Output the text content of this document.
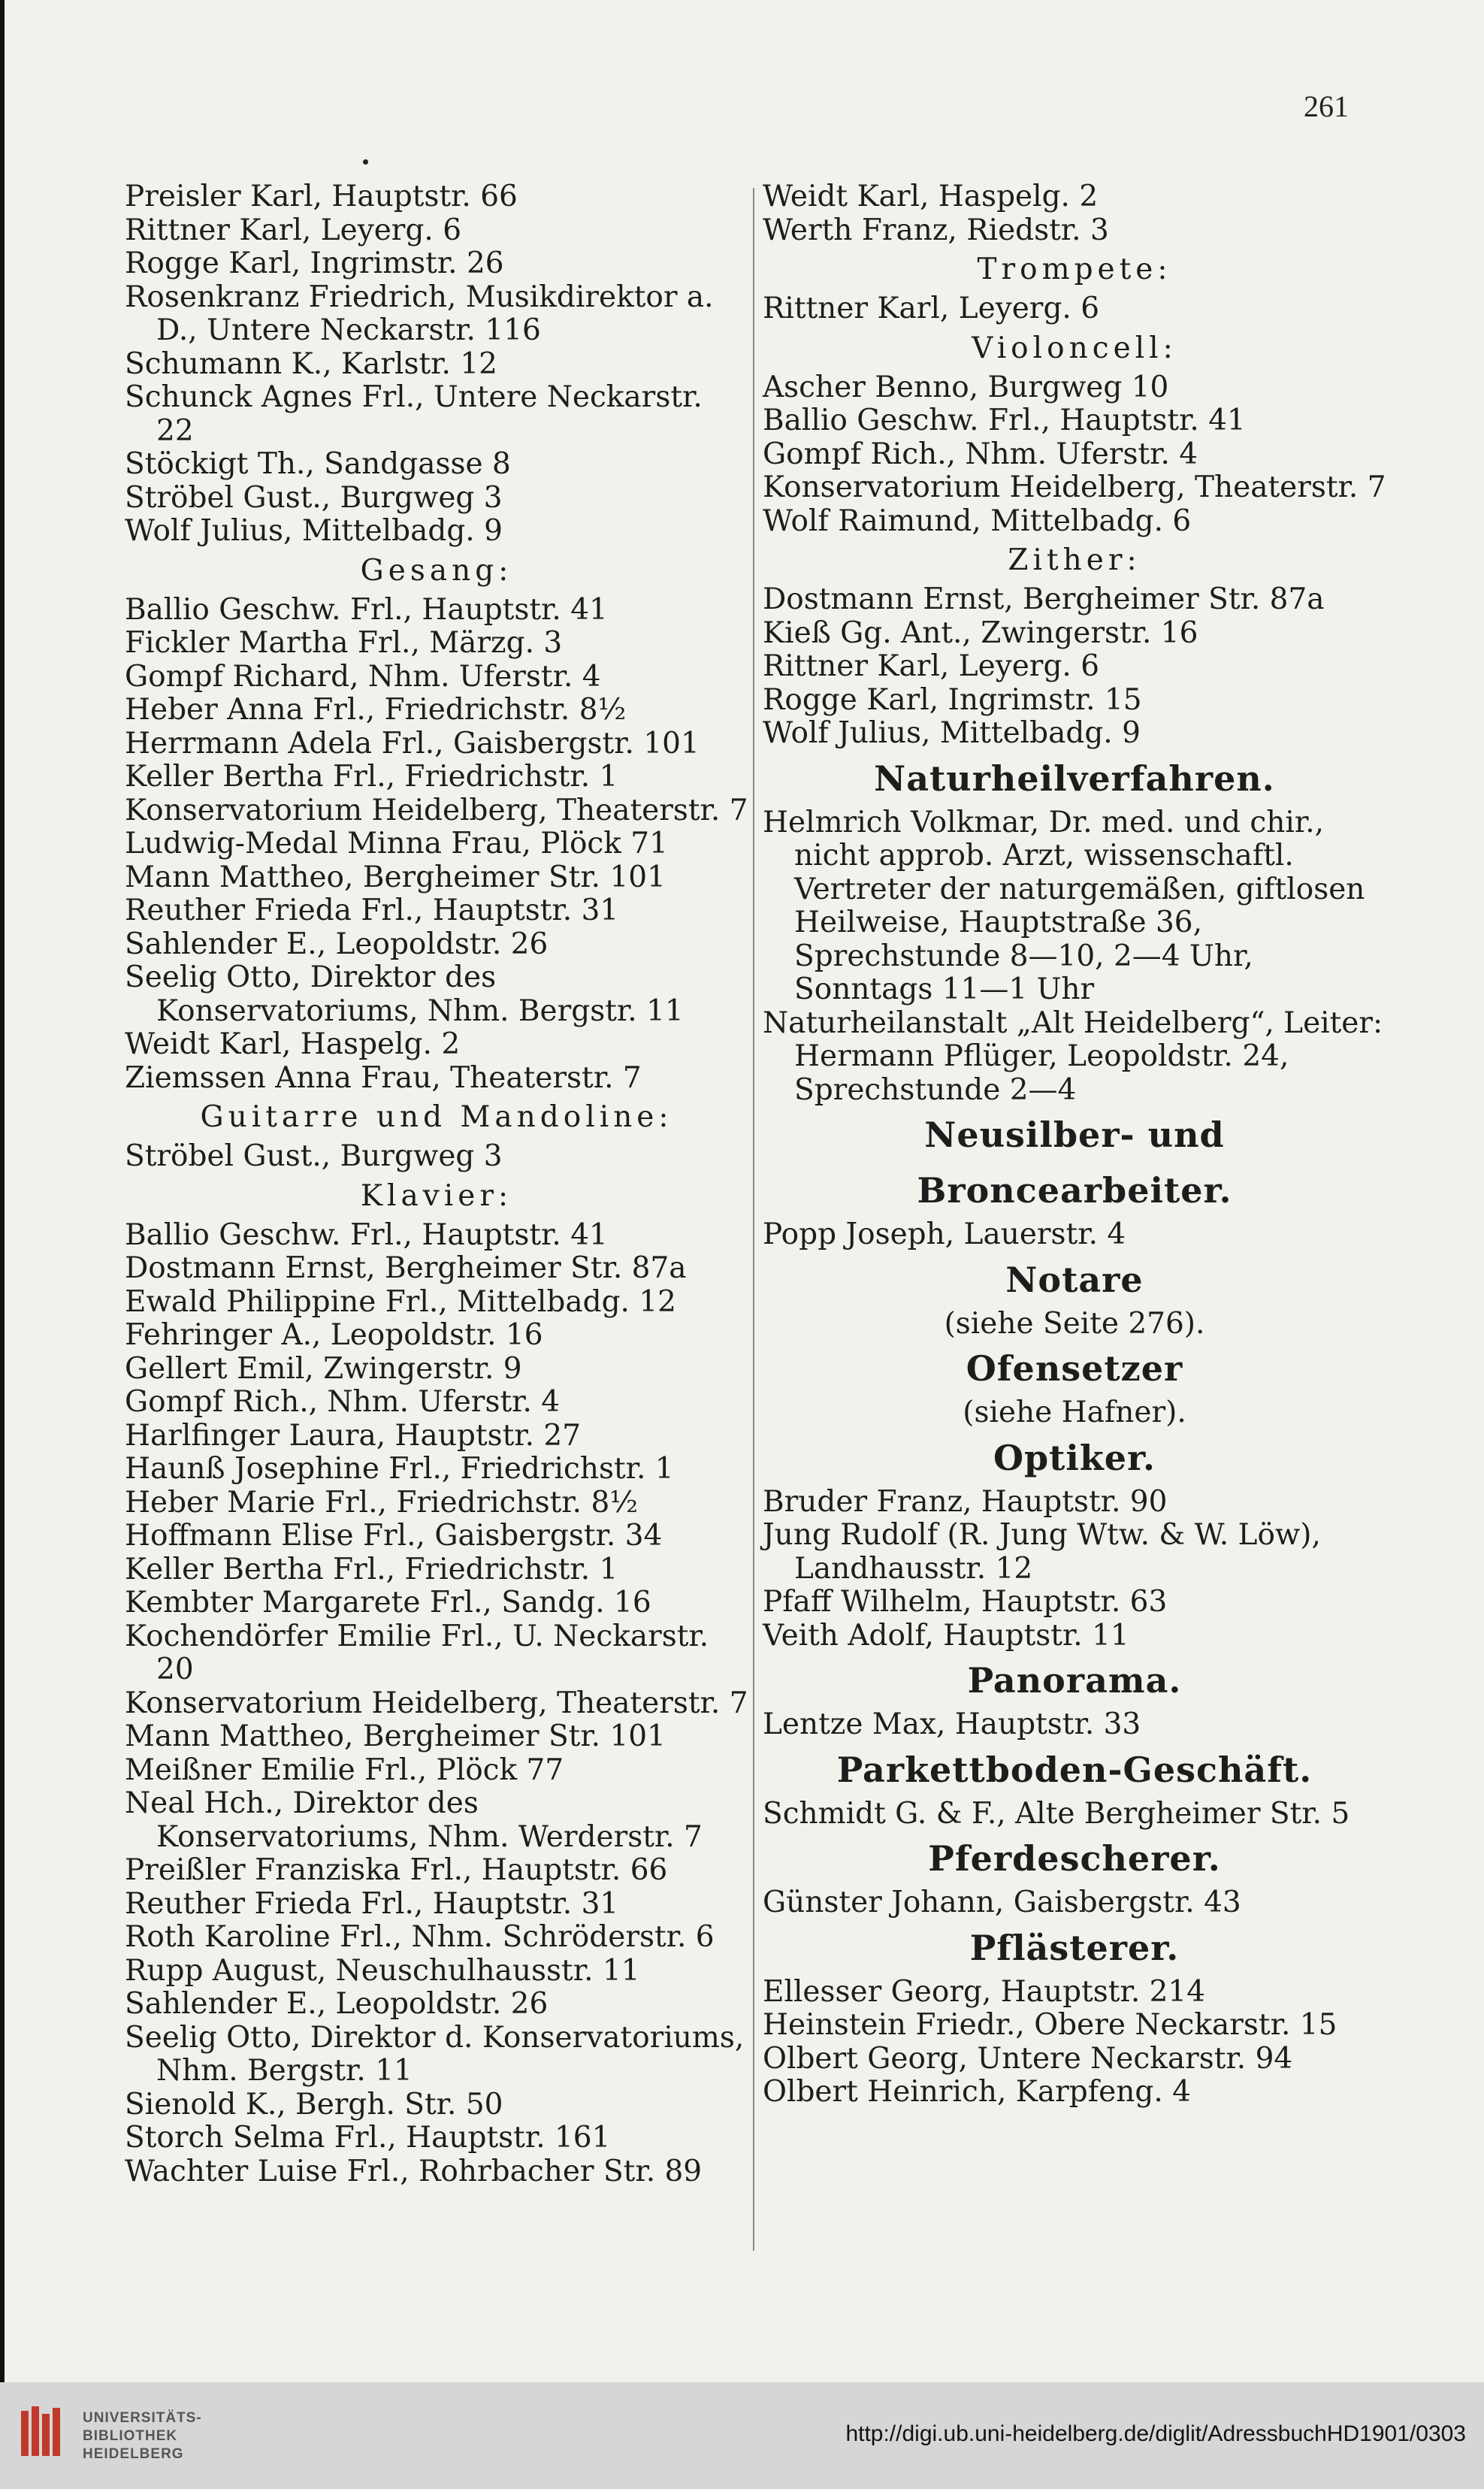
261

Preisler Karl, Hauptstr. 66

Rittner Karl, Leyerg. 6

Rogge Karl, Ingrimstr. 26

Rosenkranz Friedrich, Musikdirektor a. D., Untere Neckarstr. 116

Schumann K., Karlstr. 12

Schunck Agnes Frl., Untere Neckarstr. 22

Stöckigt Th., Sandgasse 8

Ströbel Gust., Burgweg 3

Wolf Julius, Mittelbadg. 9

Gesang:

Ballio Geschw. Frl., Hauptstr. 41

Fickler Martha Frl., Märzg. 3

Gompf Richard, Nhm. Uferstr. 4

Heber Anna Frl., Friedrichstr. 8½

Herrmann Adela Frl., Gaisbergstr. 101

Keller Bertha Frl., Friedrichstr. 1

Konservatorium Heidelberg, Theaterstr. 7

Ludwig-Medal Minna Frau, Plöck 71

Mann Mattheo, Bergheimer Str. 101

Reuther Frieda Frl., Hauptstr. 31

Sahlender E., Leopoldstr. 26

Seelig Otto, Direktor des Konservatoriums, Nhm. Bergstr. 11

Weidt Karl, Haspelg. 2

Ziemssen Anna Frau, Theaterstr. 7

Guitarre und Mandoline:

Ströbel Gust., Burgweg 3

Klavier:

Ballio Geschw. Frl., Hauptstr. 41

Dostmann Ernst, Bergheimer Str. 87a

Ewald Philippine Frl., Mittelbadg. 12

Fehringer A., Leopoldstr. 16

Gellert Emil, Zwingerstr. 9

Gompf Rich., Nhm. Uferstr. 4

Harlfinger Laura, Hauptstr. 27

Haunß Josephine Frl., Friedrichstr. 1

Heber Marie Frl., Friedrichstr. 8½

Hoffmann Elise Frl., Gaisbergstr. 34

Keller Bertha Frl., Friedrichstr. 1

Kembter Margarete Frl., Sandg. 16

Kochendörfer Emilie Frl., U. Neckarstr. 20

Konservatorium Heidelberg, Theaterstr. 7

Mann Mattheo, Bergheimer Str. 101

Meißner Emilie Frl., Plöck 77

Neal Hch., Direktor des Konservatoriums, Nhm. Werderstr. 7

Preißler Franziska Frl., Hauptstr. 66

Reuther Frieda Frl., Hauptstr. 31

Roth Karoline Frl., Nhm. Schröderstr. 6

Rupp August, Neuschulhausstr. 11

Sahlender E., Leopoldstr. 26

Seelig Otto, Direktor d. Konservatoriums, Nhm. Bergstr. 11

Sienold K., Bergh. Str. 50

Storch Selma Frl., Hauptstr. 161

Wachter Luise Frl., Rohrbacher Str. 89

Weidt Karl, Haspelg. 2

Werth Franz, Riedstr. 3

Trompete:

Rittner Karl, Leyerg. 6

Violoncell:

Ascher Benno, Burgweg 10

Ballio Geschw. Frl., Hauptstr. 41

Gompf Rich., Nhm. Uferstr. 4

Konservatorium Heidelberg, Theaterstr. 7

Wolf Raimund, Mittelbadg. 6

Zither:

Dostmann Ernst, Bergheimer Str. 87a

Kieß Gg. Ant., Zwingerstr. 16

Rittner Karl, Leyerg. 6

Rogge Karl, Ingrimstr. 15

Wolf Julius, Mittelbadg. 9

Naturheilverfahren.

Helmrich Volkmar, Dr. med. und chir., nicht approb. Arzt, wissenschaftl. Vertreter der naturgemäßen, giftlosen Heilweise, Hauptstraße 36, Sprechstunde 8—10, 2—4 Uhr, Sonntags 11—1 Uhr

Naturheilanstalt „Alt Heidelberg“, Leiter: Hermann Pflüger, Leopoldstr. 24, Sprechstunde 2—4

Neusilber- und Broncearbeiter.

Popp Joseph, Lauerstr. 4

Notare

(siehe Seite 276).

Ofensetzer

(siehe Hafner).

Optiker.

Bruder Franz, Hauptstr. 90

Jung Rudolf (R. Jung Wtw. & W. Löw), Landhausstr. 12

Pfaff Wilhelm, Hauptstr. 63

Veith Adolf, Hauptstr. 11

Panorama.

Lentze Max, Hauptstr. 33

Parkettboden-Geschäft.

Schmidt G. & F., Alte Bergheimer Str. 5

Pferdescherer.

Günster Johann, Gaisbergstr. 43

Pflästerer.

Ellesser Georg, Hauptstr. 214

Heinstein Friedr., Obere Neckarstr. 15

Olbert Georg, Untere Neckarstr. 94

Olbert Heinrich, Karpfeng. 4

UNIVERSITÄTS-
BIBLIOTHEK
HEIDELBERG
http://digi.ub.uni-heidelberg.de/diglit/AdressbuchHD1901/0303
